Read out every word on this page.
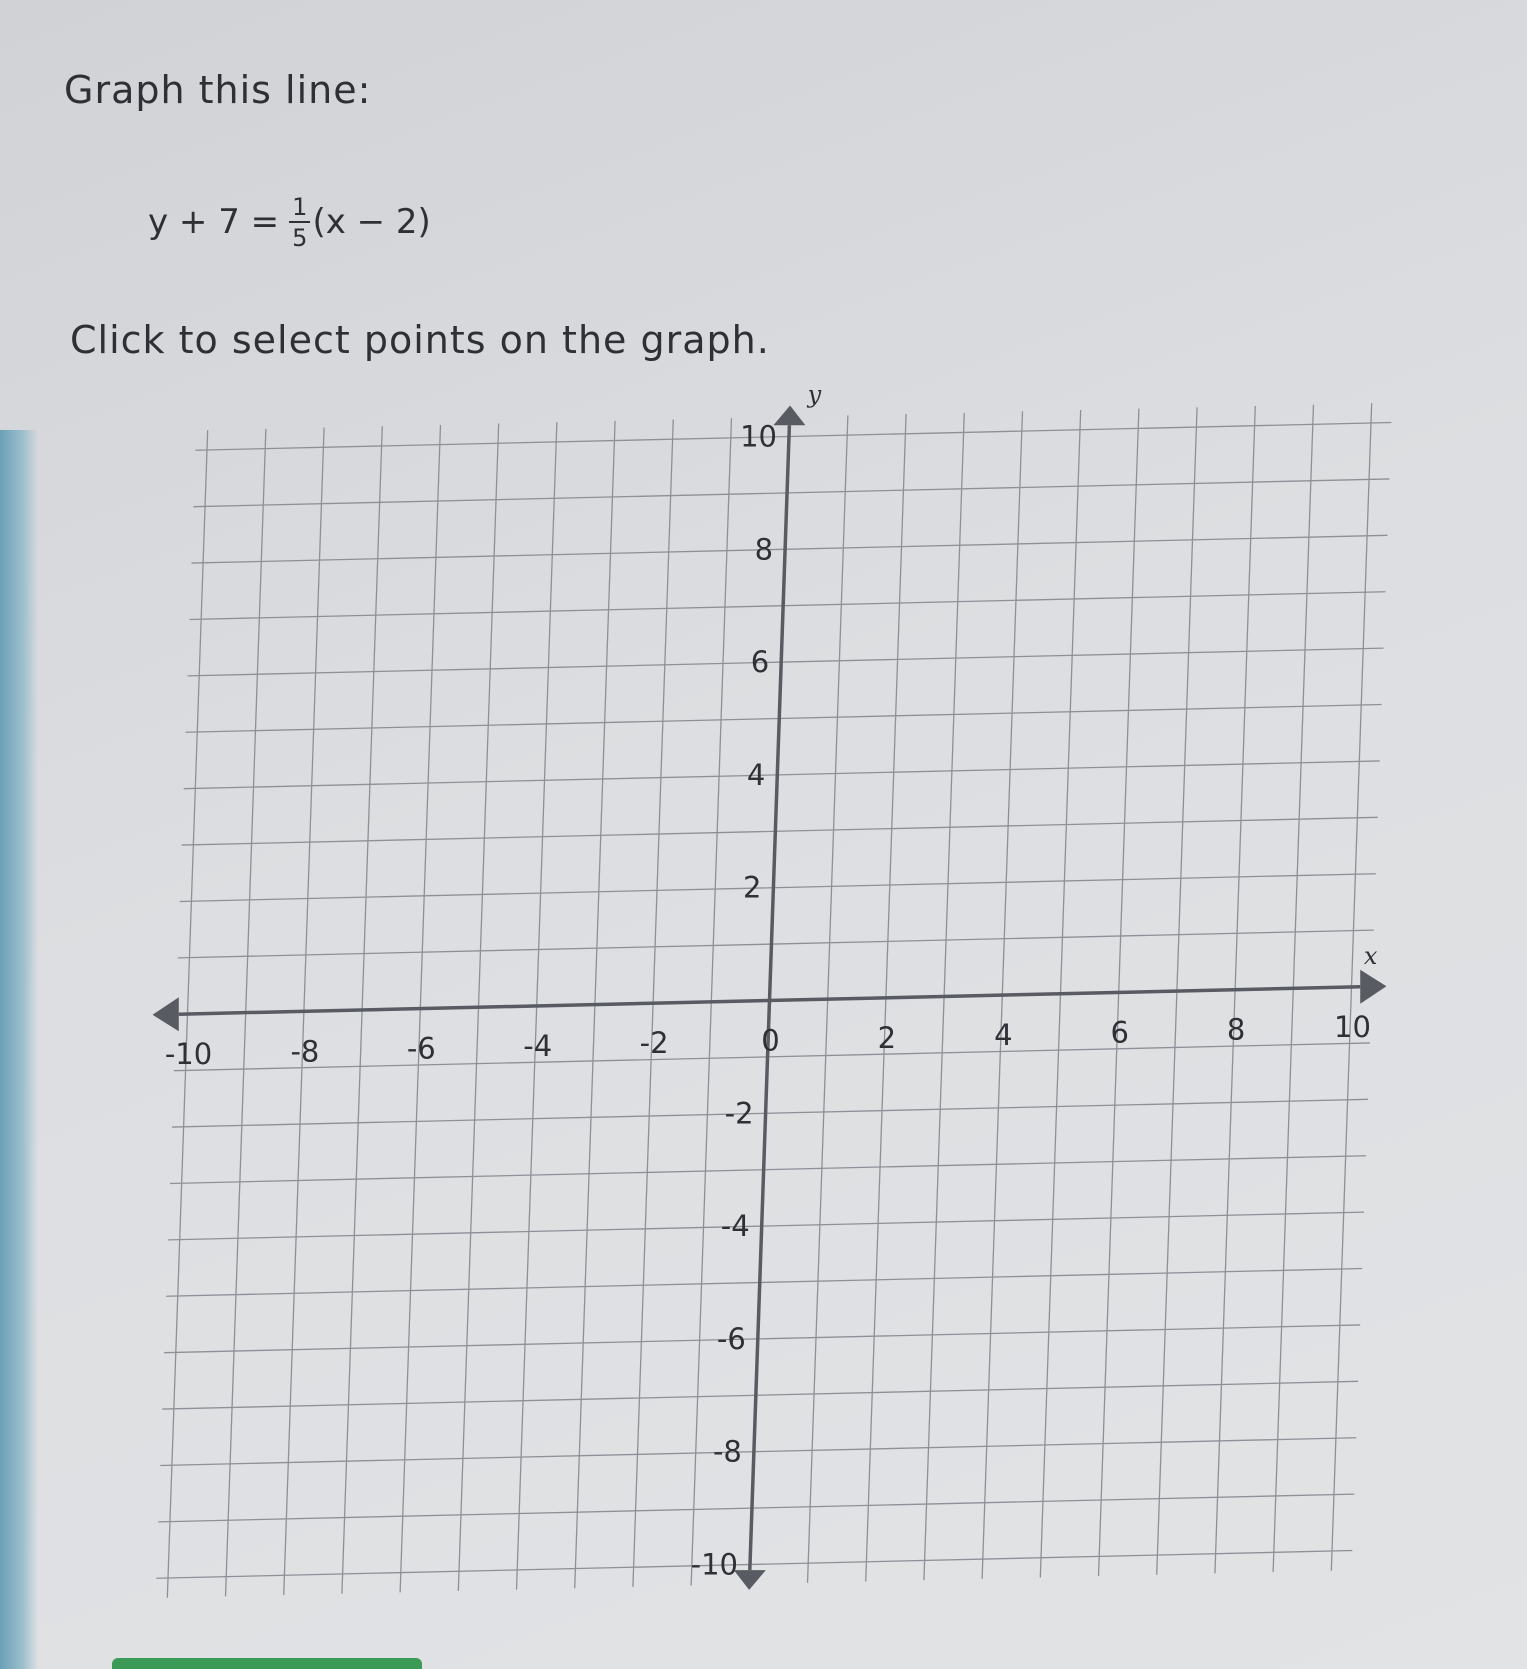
Graph this line:
$y + 7 = \frac{1}{5} (x - 2)$
Click to select points on the graph.
x
y
-10	-8	-6	-4	-2	0	2	4	6	8	10
10
8
6
4
2
-2
-4
-6
-8
-10
